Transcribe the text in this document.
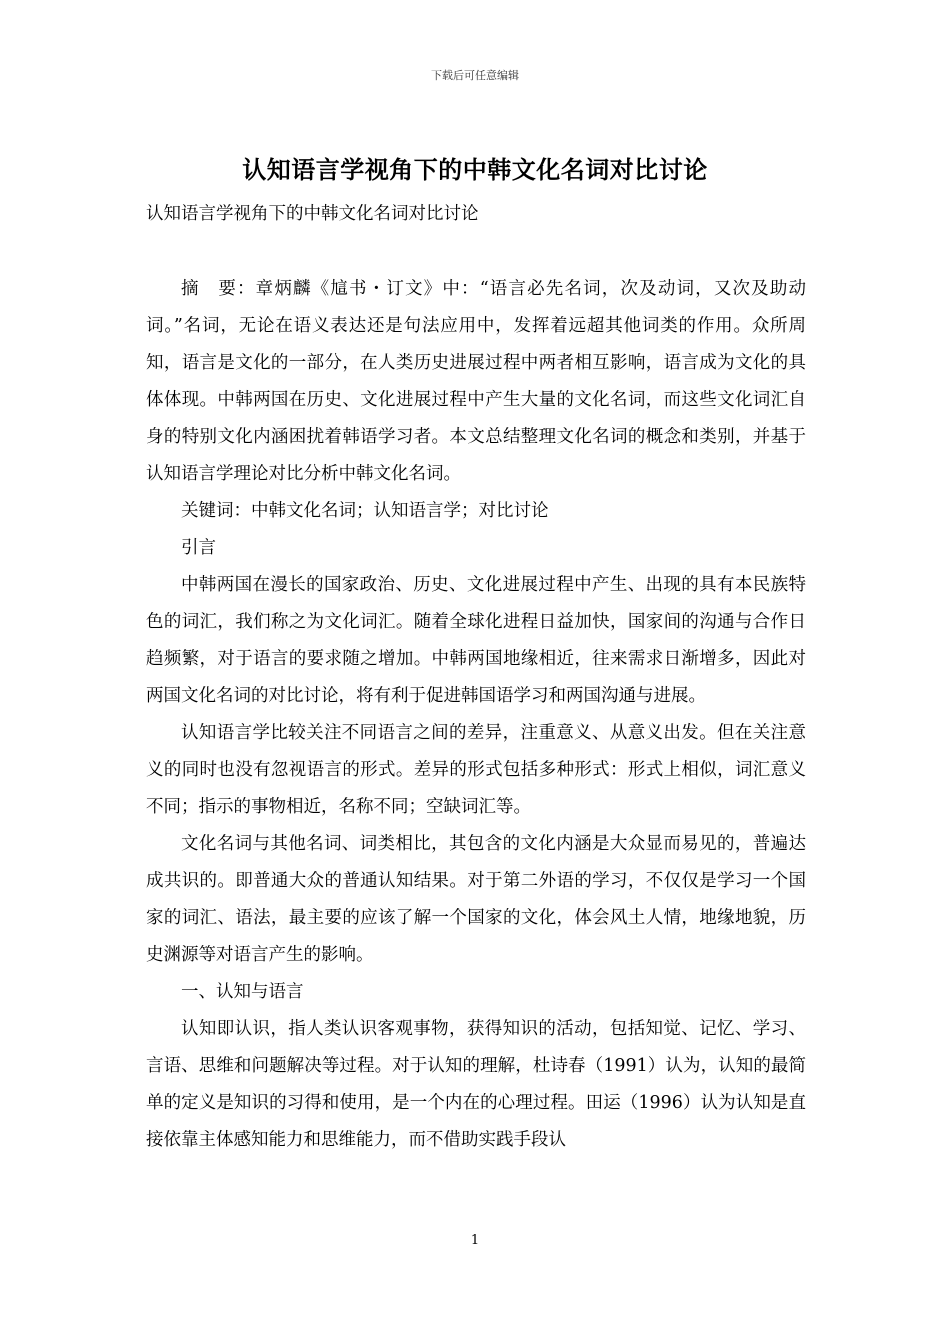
下载后可任意编辑
认知语言学视角下的中韩文化名词对比讨论
认知语言学视角下的中韩文化名词对比讨论

摘　要：章炳麟《訄书・订文》中：“语言必先名词，次及动词，又次及助动词。”名词，无论在语义表达还是句法应用中，发挥着远超其他词类的作用。众所周知，语言是文化的一部分，在人类历史进展过程中两者相互影响，语言成为文化的具体体现。中韩两国在历史、文化进展过程中产生大量的文化名词，而这些文化词汇自身的特别文化内涵困扰着韩语学习者。本文总结整理文化名词的概念和类别，并基于认知语言学理论对比分析中韩文化名词。

关键词：中韩文化名词；认知语言学；对比讨论

引言

中韩两国在漫长的国家政治、历史、文化进展过程中产生、出现的具有本民族特色的词汇，我们称之为文化词汇。随着全球化进程日益加快，国家间的沟通与合作日趋频繁，对于语言的要求随之增加。中韩两国地缘相近，往来需求日渐增多，因此对两国文化名词的对比讨论，将有利于促进韩国语学习和两国沟通与进展。

认知语言学比较关注不同语言之间的差异，注重意义、从意义出发。但在关注意义的同时也没有忽视语言的形式。差异的形式包括多种形式：形式上相似，词汇意义不同；指示的事物相近，名称不同；空缺词汇等。

文化名词与其他名词、词类相比，其包含的文化内涵是大众显而易见的，普遍达成共识的。即普通大众的普通认知结果。对于第二外语的学习，不仅仅是学习一个国家的词汇、语法，最主要的应该了解一个国家的文化，体会风土人情，地缘地貌，历史渊源等对语言产生的影响。

一、认知与语言

认知即认识，指人类认识客观事物，获得知识的活动，包括知觉、记忆、学习、言语、思维和问题解决等过程。对于认知的理解，杜诗春（1991）认为，认知的最简单的定义是知识的习得和使用，是一个内在的心理过程。田运（1996）认为认知是直接依靠主体感知能力和思维能力，而不借助实践手段认

1
